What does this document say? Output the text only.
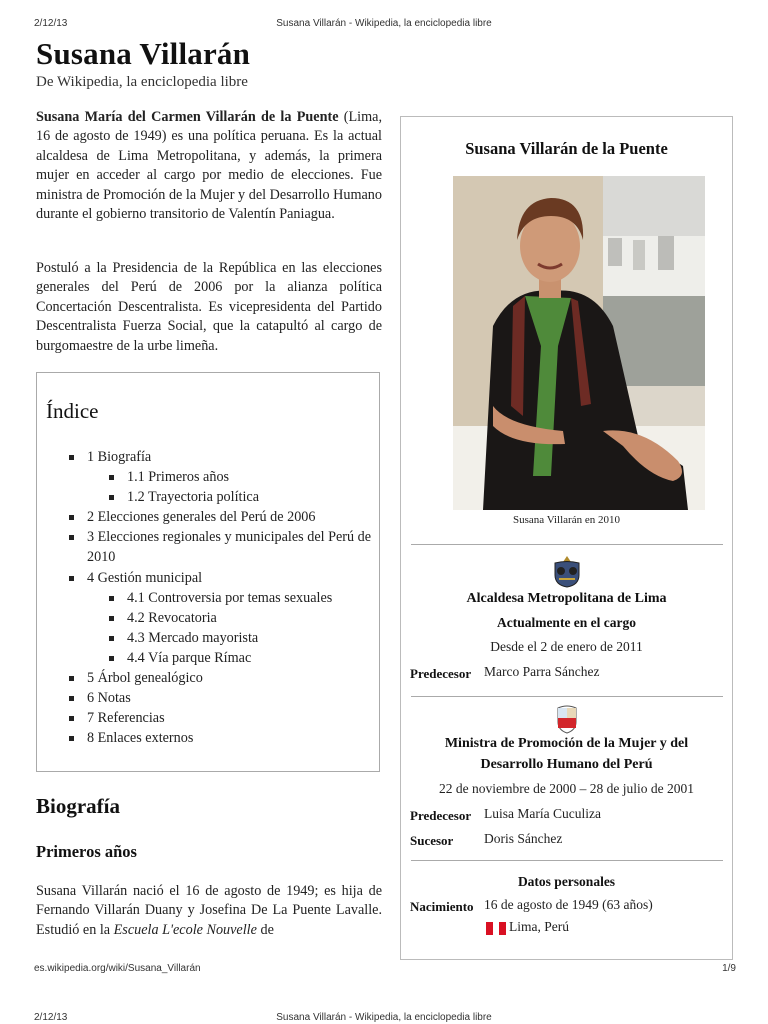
2/12/13	Susana Villarán - Wikipedia, la enciclopedia libre
Susana Villarán
De Wikipedia, la enciclopedia libre

Susana María del Carmen Villarán de la Puente (Lima, 16 de agosto de 1949) es una política peruana. Es la actual alcaldesa de Lima Metropolitana, y además, la primera mujer en acceder al cargo por medio de elecciones. Fue ministra de Promoción de la Mujer y del Desarrollo Humano durante el gobierno transitorio de Valentín Paniagua.

Postuló a la Presidencia de la República en las elecciones generales del Perú de 2006 por la alianza política Concertación Descentralista. Es vicepresidenta del Partido Descentralista Fuerza Social, que la catapultó al cargo de burgomaestre de la urbe limeña.

Índice
1 Biografía
1.1 Primeros años
1.2 Trayectoria política
2 Elecciones generales del Perú de 2006
3 Elecciones regionales y municipales del Perú de 2010
4 Gestión municipal
4.1 Controversia por temas sexuales
4.2 Revocatoria
4.3 Mercado mayorista
4.4 Vía parque Rímac
5 Árbol genealógico
6 Notas
7 Referencias
8 Enlaces externos
Biografía
Primeros años

Susana Villarán nació el 16 de agosto de 1949; es hija de Fernando Villarán Duany y Josefina De La Puente Lavalle. Estudió en la Escuela L'ecole Nouvelle de

Susana Villarán de la Puente
Susana Villarán en 2010
Alcaldesa Metropolitana de Lima
Actualmente en el cargo
Desde el 2 de enero de 2011
Predecesor Marco Parra Sánchez
Ministra de Promoción de la Mujer y del
Desarrollo Humano del Perú
22 de noviembre de 2000 – 28 de julio de 2001
Predecesor Luisa María Cuculiza
Sucesor Doris Sánchez
Datos personales
Nacimiento 16 de agosto de 1949 (63 años)
Lima, Perú
es.wikipedia.org/wiki/Susana_Villarán	1/9
2/12/13	Susana Villarán - Wikipedia, la enciclopedia libre
